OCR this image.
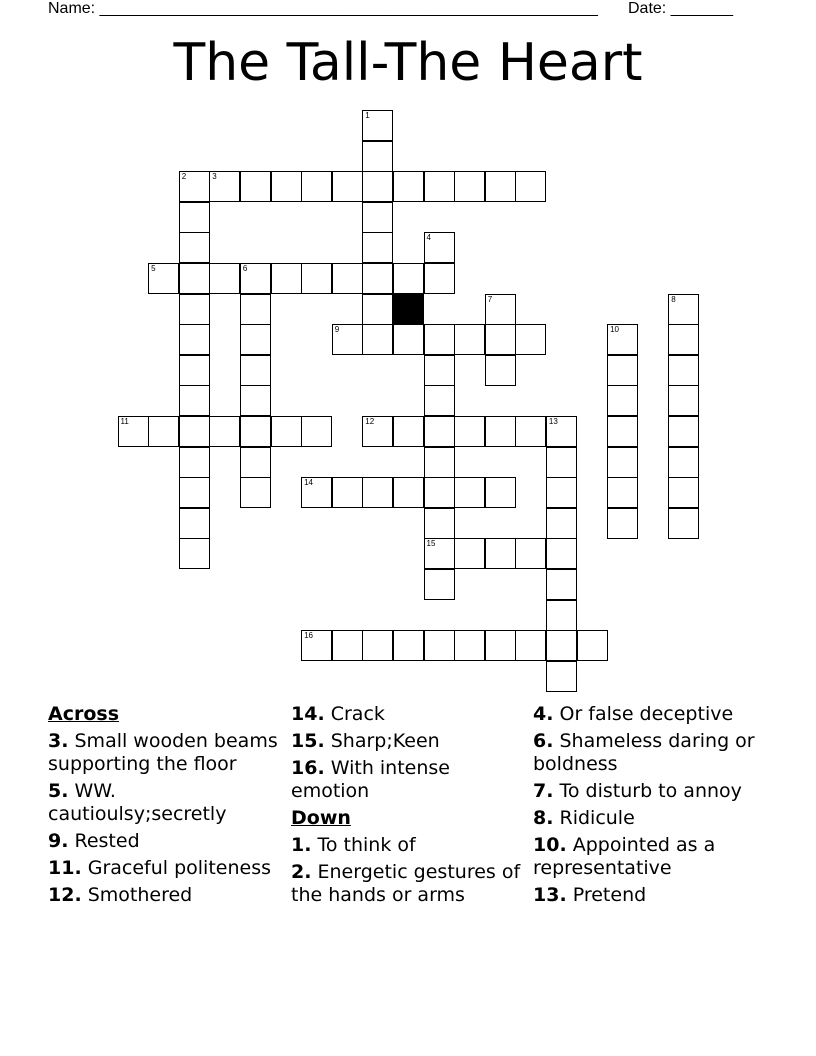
Name: ________________________________________________________ Date: _______
The Tall-The Heart
1
2	3
4
5	6
7	8
9	10
11	12	13
14
15
16
Across
3. Small wooden beams supporting the floor
5. WW. cautioulsy;secretly
9. Rested
11. Graceful politeness
12. Smothered
14. Crack
15. Sharp;Keen
16. With intense emotion
Down
1. To think of
2. Energetic gestures of the hands or arms
4. Or false deceptive
6. Shameless daring or boldness
7. To disturb to annoy
8. Ridicule
10. Appointed as a representative
13. Pretend
